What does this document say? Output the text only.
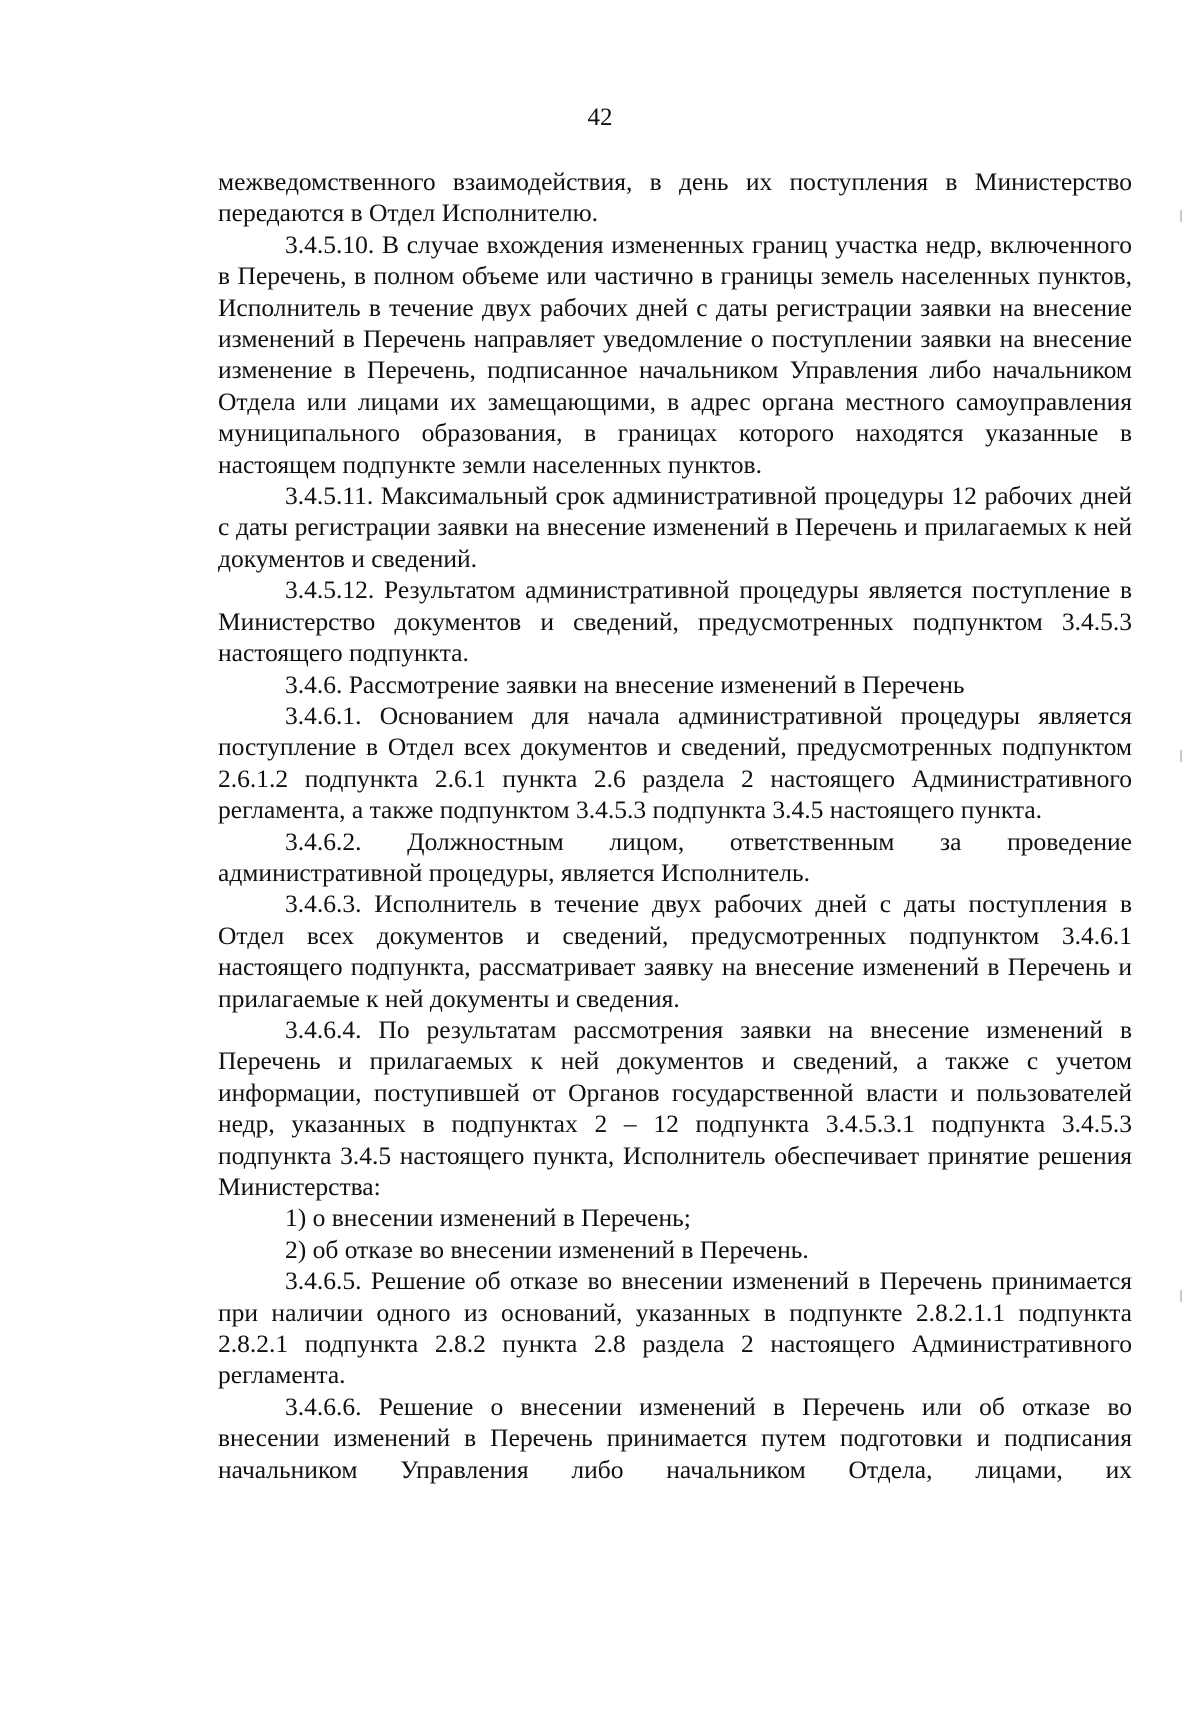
42

межведомственного взаимодействия, в день их поступления в Министерство передаются в Отдел Исполнителю.

3.4.5.10. В случае вхождения измененных границ участка недр, включенного в Перечень, в полном объеме или частично в границы земель населенных пунктов, Исполнитель в течение двух рабочих дней с даты регистрации заявки на внесение изменений в Перечень направляет уведомление о поступлении заявки на внесение изменение в Перечень, подписанное начальником Управления либо начальником Отдела или лицами их замещающими, в адрес органа местного самоуправления муниципального образования, в границах которого находятся указанные в настоящем подпункте земли населенных пунктов.

3.4.5.11. Максимальный срок административной процедуры 12 рабочих дней с даты регистрации заявки на внесение изменений в Перечень и прилагаемых к ней документов и сведений.

3.4.5.12. Результатом административной процедуры является поступление в Министерство документов и сведений, предусмотренных подпунктом 3.4.5.3 настоящего подпункта.

3.4.6. Рассмотрение заявки на внесение изменений в Перечень

3.4.6.1. Основанием для начала административной процедуры является поступление в Отдел всех документов и сведений, предусмотренных подпунктом 2.6.1.2 подпункта 2.6.1 пункта 2.6 раздела 2 настоящего Административного регламента, а также подпунктом 3.4.5.3 подпункта 3.4.5 настоящего пункта.

3.4.6.2. Должностным лицом, ответственным за проведение административной процедуры, является Исполнитель.

3.4.6.3. Исполнитель в течение двух рабочих дней с даты поступления в Отдел всех документов и сведений, предусмотренных подпунктом 3.4.6.1 настоящего подпункта, рассматривает заявку на внесение изменений в Перечень и прилагаемые к ней документы и сведения.

3.4.6.4. По результатам рассмотрения заявки на внесение изменений в Перечень и прилагаемых к ней документов и сведений, а также с учетом информации, поступившей от Органов государственной власти и пользователей недр, указанных в подпунктах 2 – 12 подпункта 3.4.5.3.1 подпункта 3.4.5.3 подпункта 3.4.5 настоящего пункта, Исполнитель обеспечивает принятие решения Министерства:

1) о внесении изменений в Перечень;

2) об отказе во внесении изменений в Перечень.

3.4.6.5. Решение об отказе во внесении изменений в Перечень принимается при наличии одного из оснований, указанных в подпункте 2.8.2.1.1 подпункта 2.8.2.1 подпункта 2.8.2 пункта 2.8 раздела 2 настоящего Административного регламента.

3.4.6.6. Решение о внесении изменений в Перечень или об отказе во внесении изменений в Перечень принимается путем подготовки и подписания начальником Управления либо начальником Отдела, лицами, их
